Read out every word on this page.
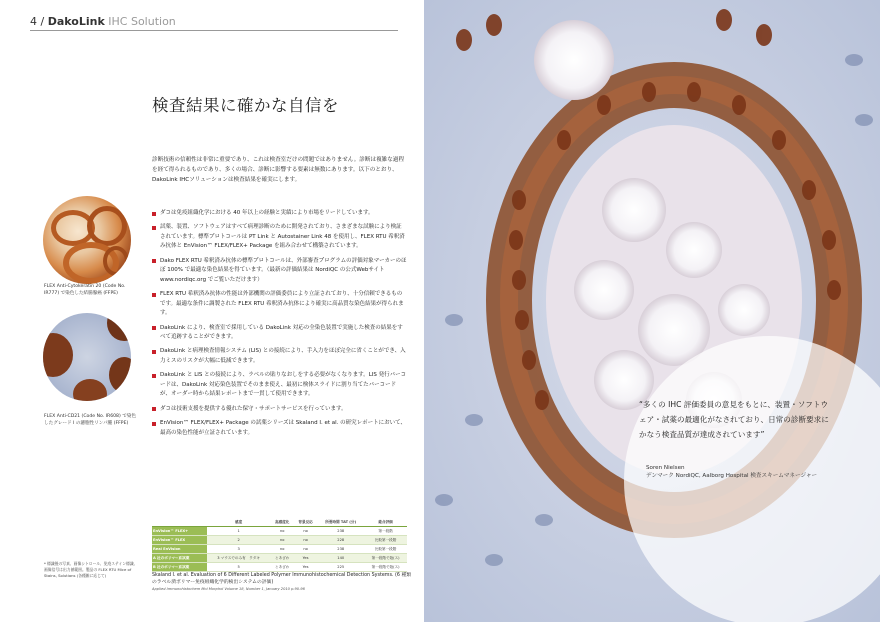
4 / DakoLink IHC Solution
検査結果に確かな自信を
診断技術の信頼性は非常に重要であり、これは検査室だけの問題ではありません。診断は複雑な過程を経て得られるものであり、多くの場合、診断に影響する要素は無数にあります。以下のとおり、DakoLink IHCソリューションは検査結果を確実にします。
ダコは免疫組織化学における 40 年以上の経験と実績により市場をリードしています。
試薬、装置、ソフトウェアはすべて病理診断のために開発されており、さまざまな試験により検証されています。標準プロトコールは PT Link と Autostainer Link 48 を使用し、FLEX RTU 希釈済み抗体と EnVision™ FLEX/FLEX+ Package を組み合わせて構築されています。
Dako FLEX RTU 希釈済み抗体の標準プロトコールは、外部審査プログラムの評価対象マーカーのほぼ 100% で最適な染色結果を得ています。（最新の評価結果は NordiQC の公式Webサイト www.nordiqc.org でご覧いただけます）
FLEX RTU 希釈済み抗体の性能は外部機関の評価委員により立証されており、十分信頼できるものです。最適な条件に調製された FLEX RTU 希釈済み抗体により確実に高品質な染色結果が得られます。
DakoLink により、検査室で採用している DakoLink 対応の全染色装置で実施した検査の結果をすべて追跡することができます。
DakoLink と病理検査情報システム (LIS) との接続により、手入力をほぼ完全に省くことができ、入力ミスのリスクが大幅に低減できます。
DakoLink と LIS との接続により、ラベルの貼りなおしをする必要がなくなります。LIS 発行バーコードは、DakoLink 対応染色装置でそのまま使え、最初に検体スライドに割り当てたバーコードが、オーダー時から結果レポートまで一貫して使用できます。
ダコは技術支援を提供する優れた保守・サポートサービスを行っています。
EnVision™ FLEX/FLEX+ Package の試薬シリーズは Skaland I. et al. の研究レポートにおいて、最高の染色性能が立証されています。
FLEX Anti-Cytokeratin 20 (Code No. IR777) で染色した結腸腺癌 (FFPE)
FLEX Anti-CD21 (Code No. IR608) で染色したグレード I の濾胞性リンパ腫 (FFPE)
* 標識後の写真、画像シトロール、免疫ステイン標識、画像信号は出力値範囲。製品の FLEX RTU Mice of Stains, Solutions (各種雑に応じて)
	感度	高感度化	背景反応	所要時間 TAT (分)	総合評価
EnVision™ FLEX+	1	no	no	238	第一段階
EnVision™ FLEX	2	no	no	228	比較第一段階
Real EnVision	3	no	no	238	比較第一段階
A 社のポリマー系試薬	3 マウスでのみ有　クダキ	とあざわ	Yes	140	第一段階で陰(ス)
B 社のポリマー系試薬	5	とあざわ	Yes	225	第一段階で陰(ス)
Skaland I. et al. Evaluation of 6 Different Labeled Polymer Immunohistochemical Detection Systems. (6 種類のラベル済ポリマー免疫組織化学的検出システムの評価)
Applied Immunohistochem Mol Morphol Volume 18, Number 1, January 2010 p.90-96
“多くの IHC 評価委員の意見をもとに、装置・ソフトウェア・試薬の最適化がなされており、日常の診断要求にかなう検査品質が達成されています”
Soren Nielsen
デンマーク NordiQC, Aalborg Hospital 検査スキームマネージャー
